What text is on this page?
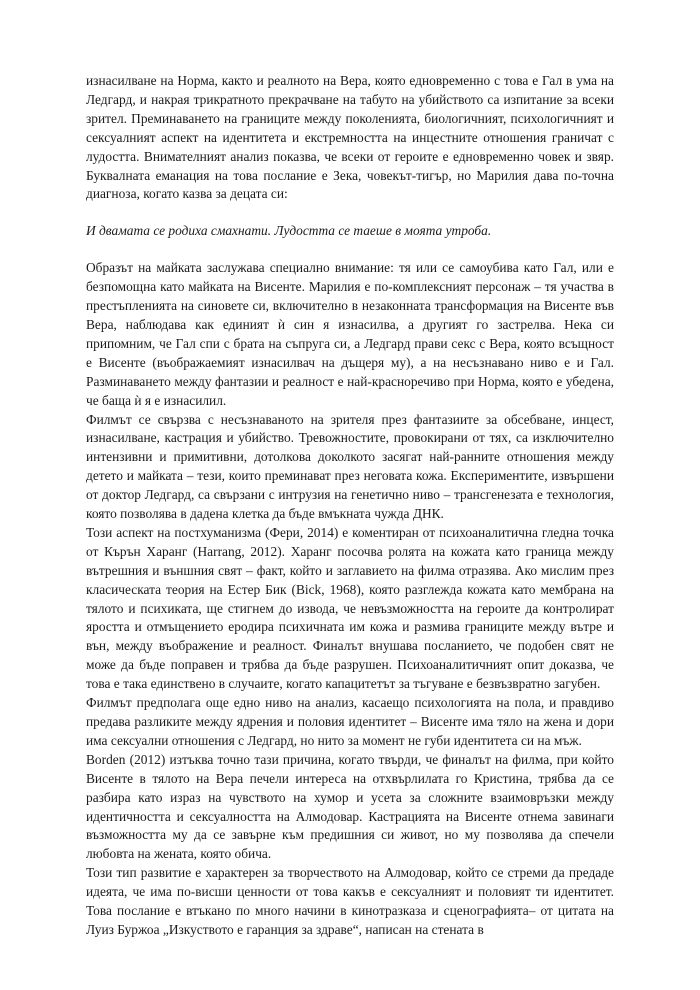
изнасилване на Норма, както и реалното на Вера, която едновременно с това е Гал в ума на Ледгард, и накрая трикратното прекрачване на табуто на убийството са изпитание за всеки зрител. Преминаването на границите между поколенията, биологичният, психологичният и сексуалният аспект на идентитета и екстремността на инцестните отношения граничат с лудостта. Внимателният анализ показва, че всеки от героите е едновременно човек и звяр. Буквалната еманация на това послание е Зека, човекът-тигър, но Марилия дава по-точна диагноза, когато казва за децата си:

И двамата се родиха смахнати. Лудостта се таеше в моята утроба.

Образът на майката заслужава специално внимание: тя или се самоубива като Гал, или е безпомощна като майката на Висенте. Марилия е по-комплексният персонаж – тя участва в престъпленията на синовете си, включително в незаконната трансформация на Висенте във Вера, наблюдава как единият ѝ син я изнасилва, а другият го застрелва. Нека си припомним, че Гал спи с брата на съпруга си, а Ледгард прави секс с Вера, която всъщност е Висенте (въображаемият изнасилвач на дъщеря му), а на несъзнавано ниво е и Гал. Разминаването между фантазии и реалност е най-красноречиво при Норма, която е убедена, че баща ѝ я е изнасилил.

Филмът се свързва с несъзнаваното на зрителя през фантазиите за обсебване, инцест, изнасилване, кастрация и убийство. Тревожностите, провокирани от тях, са изключително интензивни и примитивни, дотолкова доколкото засягат най-ранните отношения между детето и майката – тези, които преминават през неговата кожа. Експериментите, извършени от доктор Ледгард, са свързани с интрузия на генетично ниво – трансгенезата е технология, която позволява в дадена клетка да бъде вмъкната чужда ДНК.

Този аспект на постхуманизма (Фери, 2014) е коментиран от психоаналитична гледна точка от Кърън Харанг (Harrang, 2012). Харанг посочва ролята на кожата като граница между вътрешния и външния свят – факт, който и заглавието на филма отразява. Ако мислим през класическата теория на Естер Бик (Bick, 1968), която разглежда кожата като мембрана на тялото и психиката, ще стигнем до извода, че невъзможността на героите да контролират яростта и отмъщението еродира психичната им кожа и размива границите между вътре и вън, между въображение и реалност. Финалът внушава посланието, че подобен свят не може да бъде поправен и трябва да бъде разрушен. Психоаналитичният опит доказва, че това е така единствено в случаите, когато капацитетът за тъгуване е безвъзвратно загубен.

Филмът предполага още едно ниво на анализ, касаещо психологията на пола, и правдиво предава разликите между ядрения и половия идентитет – Висенте има тяло на жена и дори има сексуални отношения с Ледгард, но нито за момент не губи идентитета си на мъж.

Borden (2012) изтъква точно тази причина, когато твърди, че финалът на филма, при който Висенте в тялото на Вера печели интереса на отхвърлилата го Кристина, трябва да се разбира като израз на чувството на хумор и усета за сложните взаимовръзки между идентичността и сексуалността на Алмодовар. Кастрацията на Висенте отнема завинаги възможността му да се завърне към предишния си живот, но му позволява да спечели любовта на жената, която обича.

Този тип развитие е характерен за творчеството на Алмодовар, който се стреми да предаде идеята, че има по-висши ценности от това какъв е сексуалният и половият ти идентитет. Това послание е втъкано по много начини в кинотразказа и сценографията– от цитата на Луиз Буржоа „Изкуството е гаранция за здраве“, написан на стената в
